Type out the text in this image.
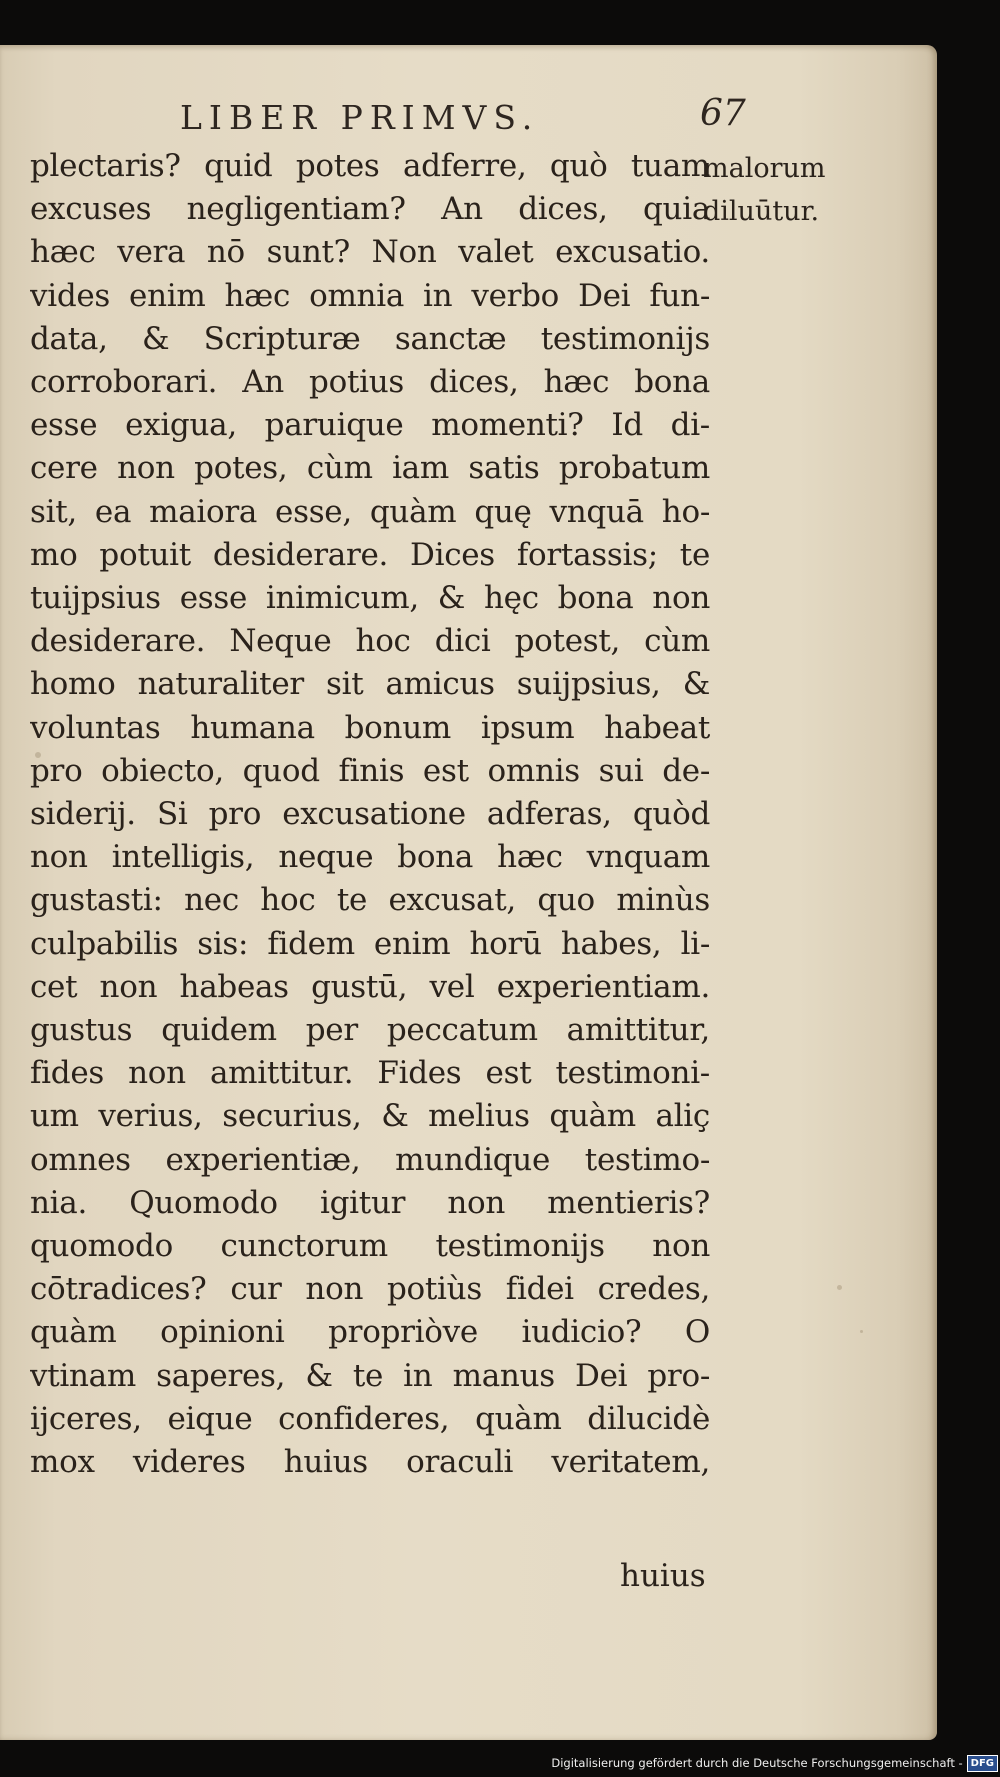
LIBER PRIMVS.	67
malorum
diluūtur.
plectaris? quid potes adferre, quò tuam
excuses negligentiam? An dices, quia
hæc vera nō sunt? Non valet excusatio.
vides enim hæc omnia in verbo Dei fun-
data, & Scripturæ sanctæ testimonijs
corroborari. An potius dices, hæc bona
esse exigua, paruique momenti? Id di-
cere non potes, cùm iam satis probatum
sit, ea maiora esse, quàm quę vnquā ho-
mo potuit desiderare. Dices fortassis; te
tuijpsius esse inimicum, & hęc bona non
desiderare. Neque hoc dici potest, cùm
homo naturaliter sit amicus suijpsius, &
voluntas humana bonum ipsum habeat
pro obiecto, quod finis est omnis sui de-
siderij. Si pro excusatione adferas, quòd
non intelligis, neque bona hæc vnquam
gustasti: nec hoc te excusat, quo minùs
culpabilis sis: fidem enim horū habes, li-
cet non habeas gustū, vel experientiam.
gustus quidem per peccatum amittitur,
fides non amittitur. Fides est testimoni-
um verius, securius, & melius quàm aliç
omnes experientiæ, mundique testimo-
nia. Quomodo igitur non mentieris?
quomodo cunctorum testimonijs non
cōtradices? cur non potiùs fidei credes,
quàm opinioni propriòve iudicio? O
vtinam saperes, & te in manus Dei pro-
ijceres, eique confideres, quàm dilucidè
mox videres huius oraculi veritatem,
huius
Digitalisierung gefördert durch die Deutsche Forschungsgemeinschaft - DFG
